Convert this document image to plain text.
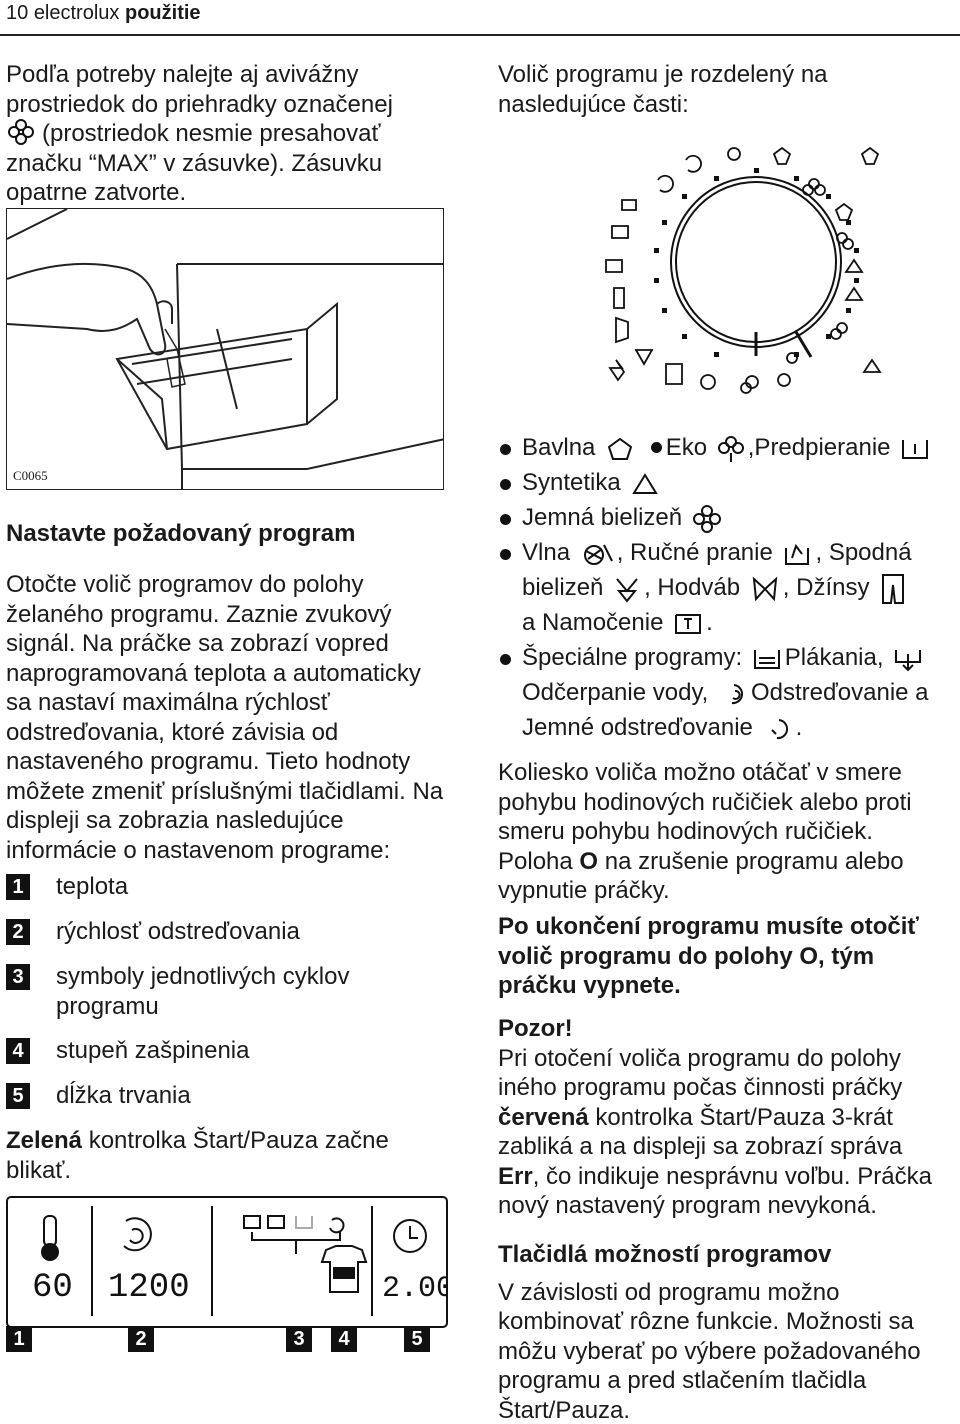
10 electrolux použitie
Podľa potreby nalejte aj avivážny
prostriedok do priehradky označenej
(prostriedok nesmie presahovať
značku “MAX” v zásuvke). Zásuvku
opatrne zatvorte.
C0065
Nastavte požadovaný program
Otočte volič programov do polohy
želaného programu. Zaznie zvukový
signál. Na práčke sa zobrazí vopred
naprogramovaná teplota a automaticky
sa nastaví maximálna rýchlosť
odstreďovania, ktoré závisia od
nastaveného programu. Tieto hodnoty
môžete zmeniť príslušnými tlačidlami. Na
displeji sa zobrazia nasledujúce
informácie o nastavenom programe:
1 teplota
2 rýchlosť odstreďovania
3 symboly jednotlivých cyklov
programu
4 stupeň zašpinenia
5 dĺžka trvania
Zelená kontrolka Štart/Pauza začne
blikať.
60 1200	2.00
1	2	3	4	5
Volič programu je rozdelený na
nasledujúce časti:
Bavlna	Eko ,Predpieranie
Syntetika
Jemná bielizeň
Vlna , Ručné pranie , Spodná
bielizeň , Hodváb , Džínsy
a Namočenie .
Špeciálne programy: Plákania,
Odčerpanie vody, Odstreďovanie a
Jemné odstreďovanie .
Koliesko voliča možno otáčať v smere
pohybu hodinových ručičiek alebo proti
smeru pohybu hodinových ručičiek.
Poloha O na zrušenie programu alebo
vypnutie práčky.
Po ukončení programu musíte otočiť
volič programu do polohy O, tým
práčku vypnete.
Pozor!
Pri otočení voliča programu do polohy
iného programu počas činnosti práčky
červená kontrolka Štart/Pauza 3-krát
zabliká a na displeji sa zobrazí správa
Err, čo indikuje nesprávnu voľbu. Práčka
nový nastavený program nevykoná.
Tlačidlá možností programov
V závislosti od programu možno
kombinovať rôzne funkcie. Možnosti sa
môžu vyberať po výbere požadovaného
programu a pred stlačením tlačidla
Štart/Pauza.
